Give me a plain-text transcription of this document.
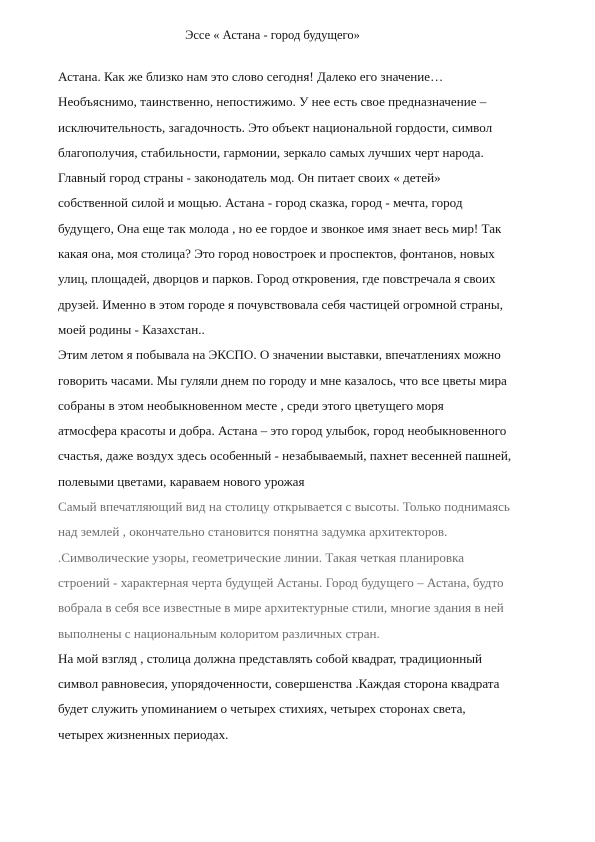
Эссе « Астана - город будущего»
Астана. Как же близко нам это слово сегодня! Далеко его значение…
Необъяснимо, таинственно, непостижимо. У нее есть свое предназначение –
исключительность, загадочность. Это объект национальной гордости, символ
благополучия, стабильности, гармонии, зеркало самых лучших черт народа.
Главный город страны - законодатель мод. Он питает своих « детей»
собственной силой и мощью. Астана - город сказка, город - мечта, город
будущего, Она еще так молода , но ее гордое и звонкое имя знает весь мир! Так
какая она, моя столица? Это город новостроек и проспектов, фонтанов, новых
улиц, площадей, дворцов и парков. Город откровения, где повстречала я своих
друзей. Именно в этом городе я почувствовала себя частицей огромной страны,
моей родины - Казахстан..
Этим летом я побывала на ЭКСПО. О значении выставки, впечатлениях можно
говорить часами. Мы гуляли днем по городу и мне казалось, что все цветы мира
собраны в этом необыкновенном месте , среди этого цветущего моря
атмосфера красоты и добра. Астана – это город улыбок, город необыкновенного
счастья, даже воздух здесь особенный - незабываемый, пахнет весенней пашней,
полевыми цветами, караваем нового урожая
Самый впечатляющий вид на столицу открывается с высоты. Только поднимаясь
над землей , окончательно становится понятна задумка архитекторов.
.Символические узоры, геометрические линии. Такая четкая планировка
строений - характерная черта будущей Астаны. Город будущего – Астана, будто
вобрала в себя все известные в мире архитектурные стили, многие здания в ней
выполнены с национальным колоритом различных стран.
На мой взгляд , столица должна представлять собой квадрат, традиционный
символ равновесия, упорядоченности, совершенства .Каждая сторона квадрата
будет служить упоминанием о четырех стихиях, четырех сторонах света,
четырех жизненных периодах.
